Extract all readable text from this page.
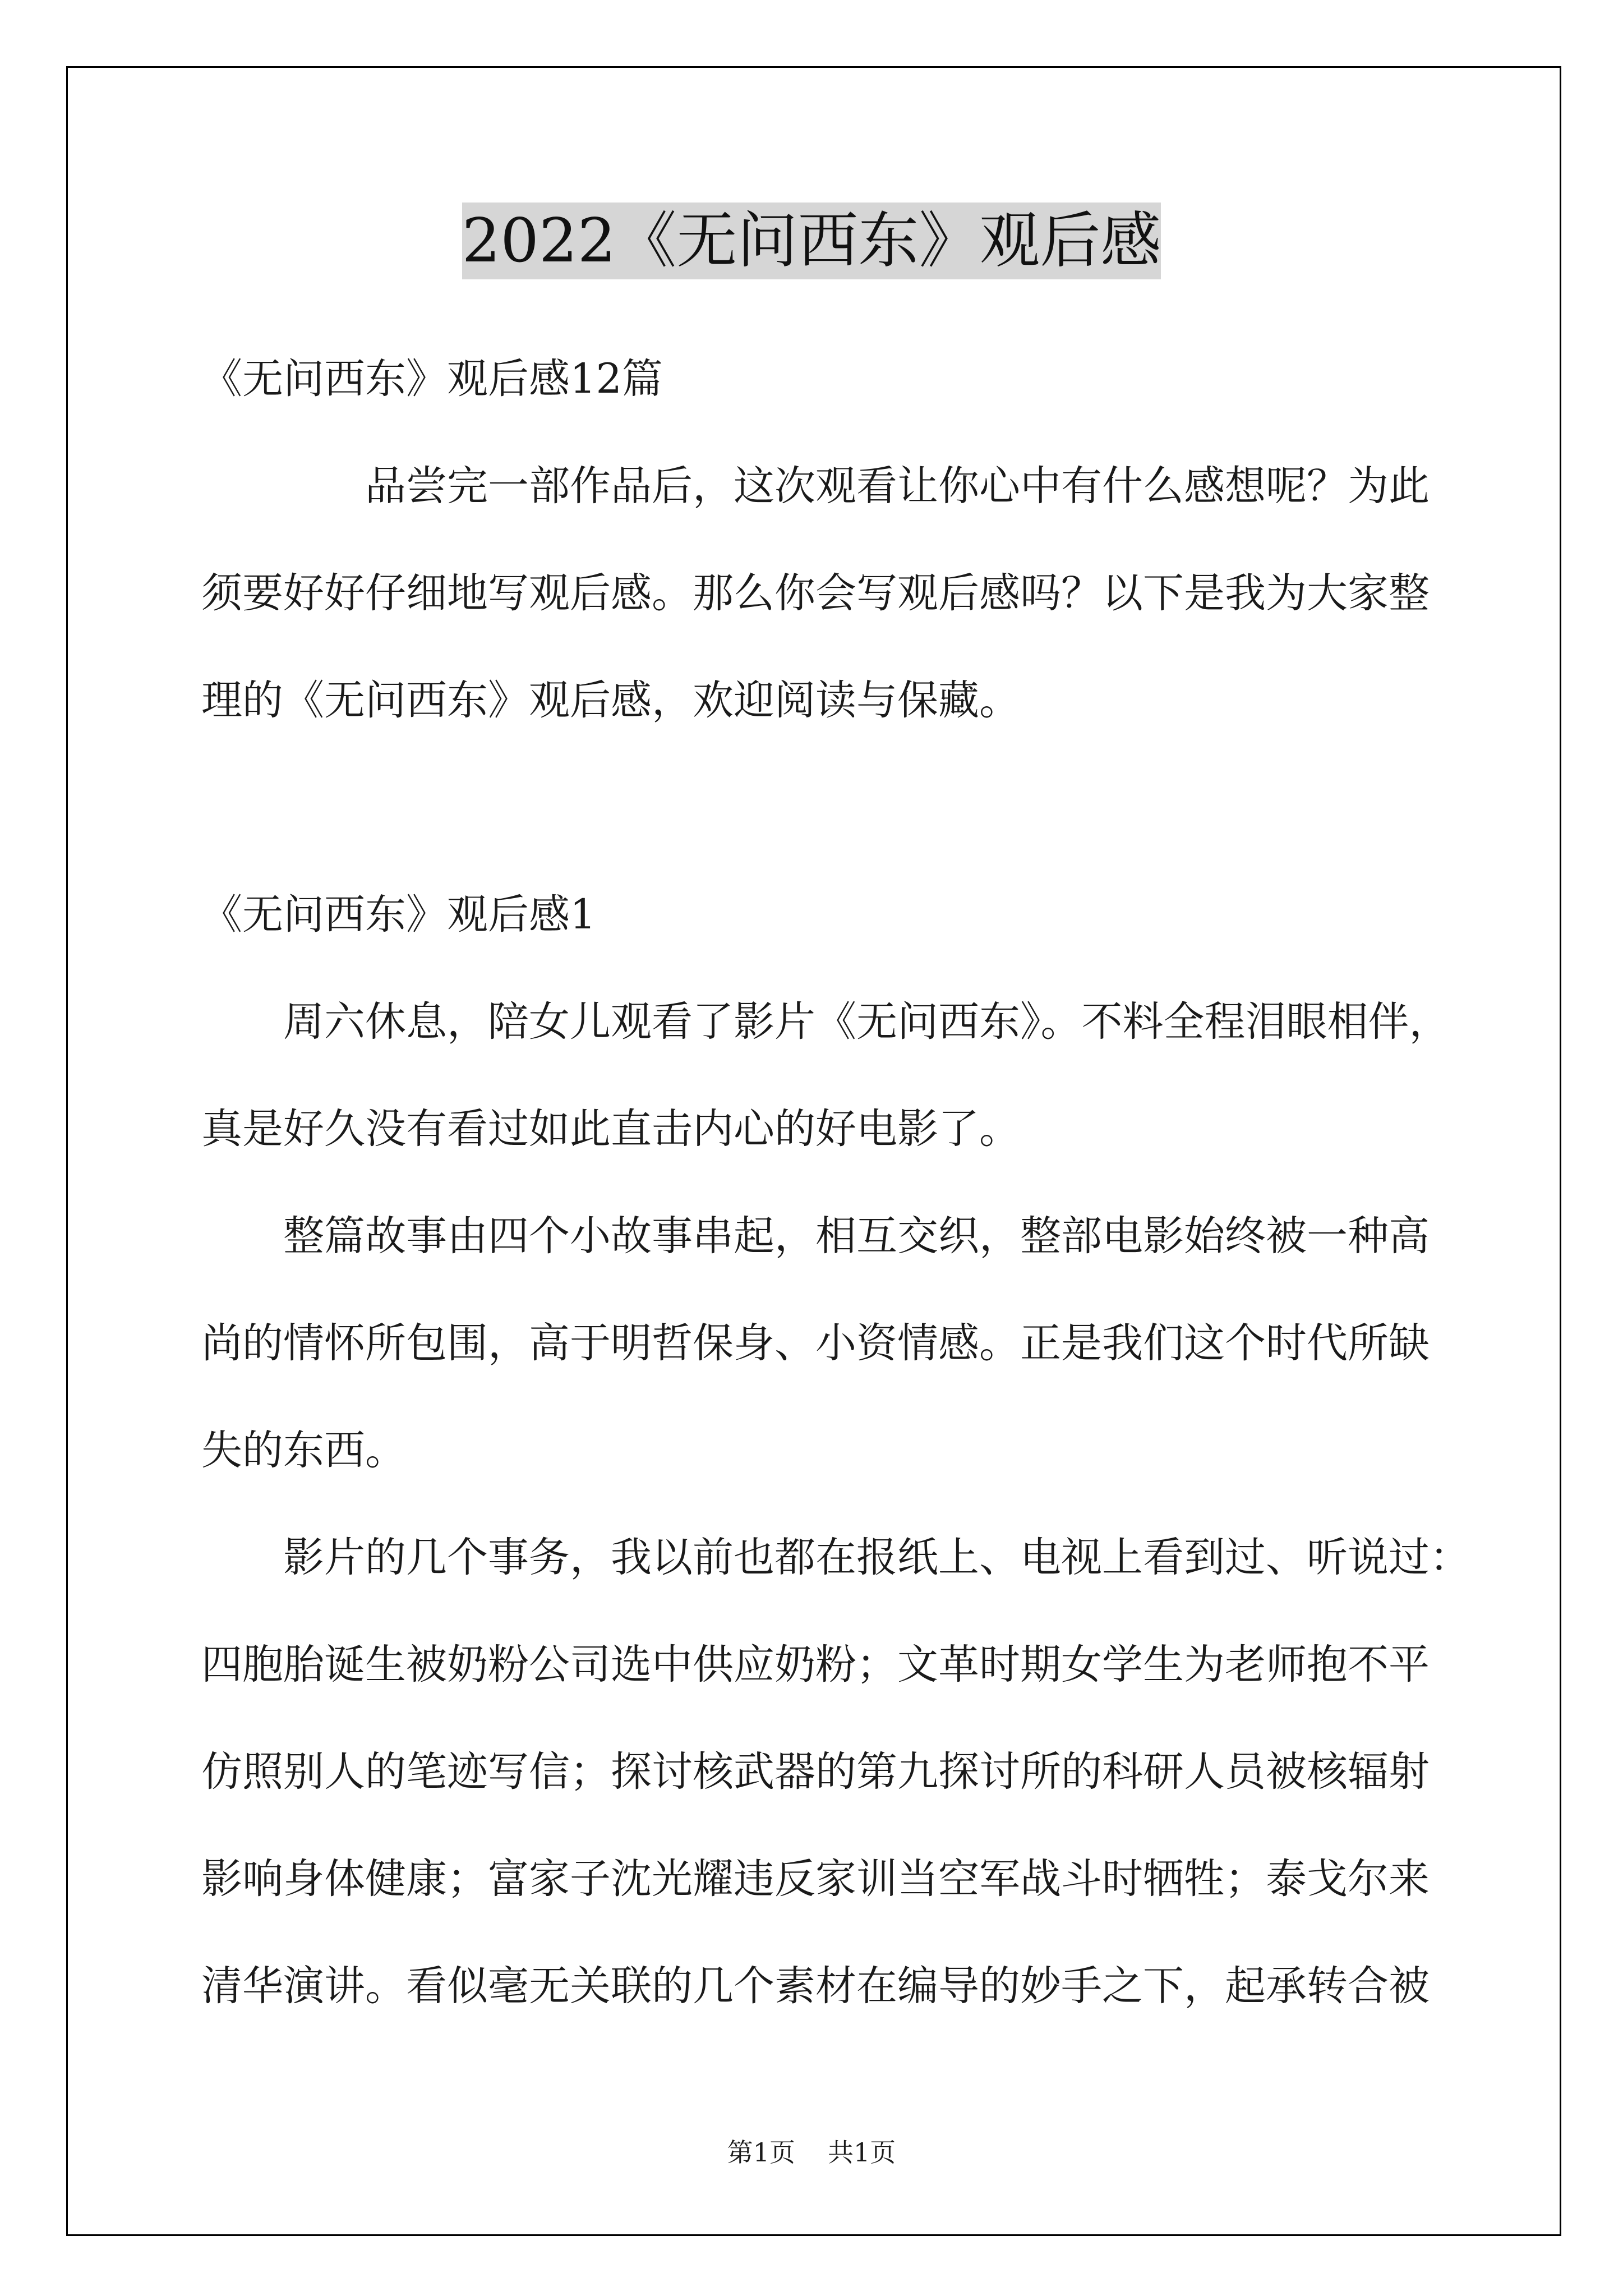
2022《无问西东》观后感
《无问西东》观后感12篇
品尝完一部作品后，这次观看让你心中有什么感想呢？为此
须要好好仔细地写观后感。那么你会写观后感吗？以下是我为大家整
理的《无问西东》观后感，欢迎阅读与保藏。
《无问西东》观后感1
周六休息，陪女儿观看了影片《无问西东》。不料全程泪眼相伴，
真是好久没有看过如此直击内心的好电影了。
整篇故事由四个小故事串起，相互交织，整部电影始终被一种高
尚的情怀所包围，高于明哲保身、小资情感。正是我们这个时代所缺
失的东西。
影片的几个事务，我以前也都在报纸上、电视上看到过、听说过：
四胞胎诞生被奶粉公司选中供应奶粉；文革时期女学生为老师抱不平
仿照别人的笔迹写信；探讨核武器的第九探讨所的科研人员被核辐射
影响身体健康；富家子沈光耀违反家训当空军战斗时牺牲；泰戈尔来
清华演讲。看似毫无关联的几个素材在编导的妙手之下，起承转合被
第1页 共1页
